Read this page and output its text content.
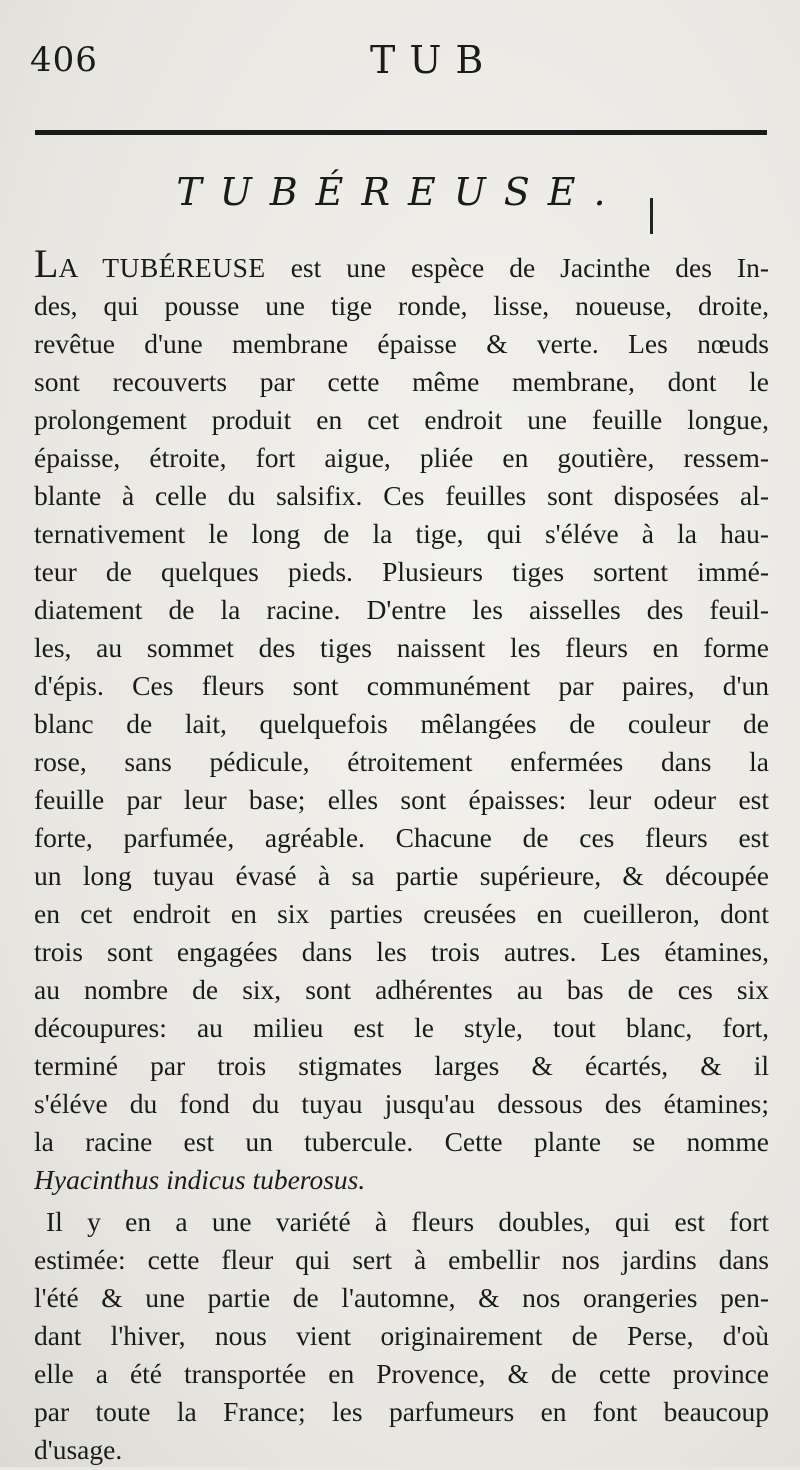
406	TUB
TUBÉREUSE.
LA TUBÉREUSE est une espèce de Jacinthe des In-
des, qui pousse une tige ronde, lisse, noueuse, droite,
revêtue d'une membrane épaisse & verte. Les nœuds
sont recouverts par cette même membrane, dont le
prolongement produit en cet endroit une feuille longue,
épaisse, étroite, fort aigue, pliée en goutière, ressem-
blante à celle du salsifix. Ces feuilles sont disposées al-
ternativement le long de la tige, qui s'éléve à la hau-
teur de quelques pieds. Plusieurs tiges sortent immé-
diatement de la racine. D'entre les aisselles des feuil-
les, au sommet des tiges naissent les fleurs en forme
d'épis. Ces fleurs sont communément par paires, d'un
blanc de lait, quelquefois mêlangées de couleur de
rose, sans pédicule, étroitement enfermées dans la
feuille par leur base; elles sont épaisses: leur odeur est
forte, parfumée, agréable. Chacune de ces fleurs est
un long tuyau évasé à sa partie supérieure, & découpée
en cet endroit en six parties creusées en cueilleron, dont
trois sont engagées dans les trois autres. Les étamines,
au nombre de six, sont adhérentes au bas de ces six
découpures: au milieu est le style, tout blanc, fort,
terminé par trois stigmates larges & écartés, & il
s'éléve du fond du tuyau jusqu'au dessous des étamines;
la racine est un tubercule. Cette plante se nomme
Hyacinthus indicus tuberosus.
Il y en a une variété à fleurs doubles, qui est fort
estimée: cette fleur qui sert à embellir nos jardins dans
l'été & une partie de l'automne, & nos orangeries pen-
dant l'hiver, nous vient originairement de Perse, d'où
elle a été transportée en Provence, & de cette province
par toute la France; les parfumeurs en font beaucoup
d'usage.
